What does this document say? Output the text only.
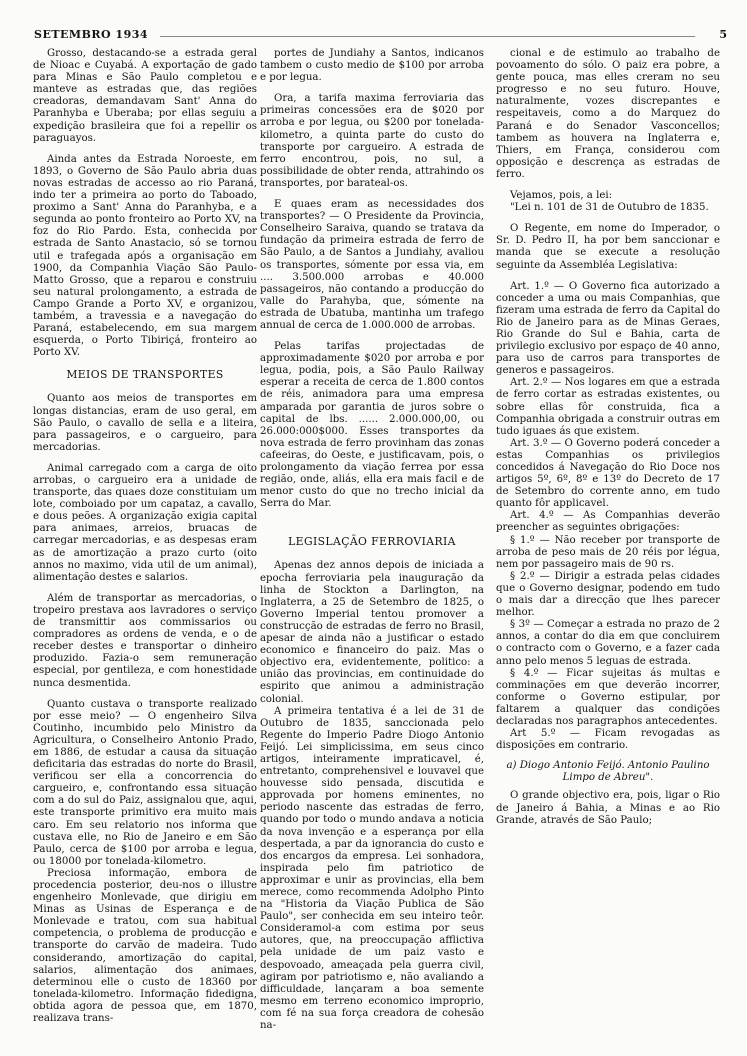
SETEMBRO 1934	5

Grosso, destacando-se a estrada geral de Nioac e Cuyabá. A exportação de gado para Minas e São Paulo completou e manteve as estradas que, das regiões creadoras, demandavam Sant' Anna do Paranhyba e Uberaba; por ellas seguiu a expedição brasileira que foi a repellir os paraguayos.

Ainda antes da Estrada Noroeste, em 1893, o Governo de São Paulo abria duas novas estradas de accesso ao rio Paraná, indo ter a primeira ao porto do Taboado, proximo a Sant' Anna do Paranhyba, e a segunda ao ponto fronteiro ao Porto XV, na foz do Rio Pardo. Esta, conhecida por estrada de Santo Anastacio, só se tornou util e trafegada após a organisação em 1900, da Companhia Viação São Paulo-Matto Grosso, que a reparou e construiu seu natural prolongamento, a estrada de Campo Grande a Porto XV, e organizou, também, a travessia e a navegação do Paraná, estabelecendo, em sua margem esquerda, o Porto Tibiriçá, fronteiro ao Porto XV.

MEIOS DE TRANSPORTES

Quanto aos meios de transportes em longas distancias, eram de uso geral, em São Paulo, o cavallo de sella e a liteira, para passageiros, e o cargueiro, para mercadorias.

Animal carregado com a carga de oito arrobas, o cargueiro era a unidade de transporte, das quaes doze constituiam um lote, comboiado por um capataz, a cavallo, e dous peões. A organização exigia capital para animaes, arreios, bruacas de carregar mercadorias, e as despesas eram as de amortização a prazo curto (oito annos no maximo, vida util de um animal), alimentação destes e salarios.

Além de transportar as mercadorias, o tropeiro prestava aos lavradores o serviço de transmittir aos commissarios ou compradores as ordens de venda, e o de receber destes e transportar o dinheiro produzido. Fazia-o sem remuneração especial, por gentileza, e com honestidade nunca desmentida.

Quanto custava o transporte realizado por esse meio? — O engenheiro Silva Coutinho, incumbido pelo Ministro da Agricultura, o Conselheiro Antonio Prado, em 1886, de estudar a causa da situação deficitaria das estradas do norte do Brasil, verificou ser ella a concorrencia do cargueiro, e, confrontando essa situação com a do sul do Paiz, assignalou que, aqui, este transporte primitivo era muito mais caro. Em seu relatorio nos informa que custava elle, no Rio de Janeiro e em São Paulo, cerca de $100 por arroba e legua, ou 18000 por tonelada-kilometro.

Preciosa informação, embora de procedencia posterior, deu-nos o illustre engenheiro Monlevade, que dirigiu em Minas as Usinas de Esperança e de Monlevade e tratou, com sua habitual competencia, o problema de producção e transporte do carvão de madeira. Tudo considerando, amortização do capital, salarios, alimentação dos animaes, determinou elle o custo de 18360 por tonelada-kilometro. Informação fidedigna, obtida agora de pessoa que, em 1870, realizava trans-

portes de Jundiahy a Santos, indicanos tambem o custo medio de $100 por arroba e por legua.

Ora, a tarifa maxima ferroviaria das primeiras concessões era de $020 por arroba e por legua, ou $200 por tonelada-kilometro, a quinta parte do custo do transporte por cargueiro. A estrada de ferro encontrou, pois, no sul, a possibilidade de obter renda, attrahindo os transportes, por barateal-os.

E quaes eram as necessidades dos transportes? — O Presidente da Provincia, Conselheiro Saraiva, quando se tratava da fundação da primeira estrada de ferro de São Paulo, a de Santos a Jundiahy, avaliou os transportes, sómente por essa via, em .... 3.500.000 arrobas e 40.000 passageiros, não contando a producção do valle do Parahyba, que, sómente na estrada de Ubatuba, mantinha um trafego annual de cerca de 1.000.000 de arrobas.

Pelas tarifas projectadas de approximadamente $020 por arroba e por legua, podia, pois, a São Paulo Railway esperar a receita de cerca de 1.800 contos de réis, animadora para uma empresa amparada por garantia de juros sobre o capital de lbs. ...... 2.000.000,00, ou 26.000:000$000. Esses transportes da nova estrada de ferro provinham das zonas cafeeiras, do Oeste, e justificavam, pois, o prolongamento da viação ferrea por essa região, onde, aliás, ella era mais facil e de menor custo do que no trecho inicial da Serra do Mar.

LEGISLAÇÃO FERROVIARIA

Apenas dez annos depois de iniciada a epocha ferroviaria pela inauguração da linha de Stockton a Darlington, na Inglaterra, a 25 de Setembro de 1825, o Governo Imperial tentou promover a construcção de estradas de ferro no Brasil, apesar de ainda não a justificar o estado economico e financeiro do paiz. Mas o objectivo era, evidentemente, politico: a união das provincias, em continuidade do espirito que animou a administração colonial.

A primeira tentativa é a lei de 31 de Outubro de 1835, sanccionada pelo Regente do Imperio Padre Diogo Antonio Feijó. Lei simplicissima, em seus cinco artigos, inteiramente impraticavel, é, entretanto, comprehensivel e louvavel que houvesse sido pensada, discutida e approvada por homens eminentes, no periodo nascente das estradas de ferro, quando por todo o mundo andava a noticia da nova invenção e a esperança por ella despertada, a par da ignorancia do custo e dos encargos da empresa. Lei sonhadora, inspirada pelo fim patriotico de approximar e unir as provincias, ella bem merece, como recommenda Adolpho Pinto na "Historia da Viação Publica de São Paulo", ser conhecida em seu inteiro teôr. Consideramol-a com estima por seus autores, que, na preoccupação afflictiva pela unidade de um paiz vasto e despovoado, ameaçada pela guerra civil, agiram por patriotismo e, não avaliando a difficuldade, lançaram a boa semente mesmo em terreno economico improprio, com fé na sua força creadora de cohesão na-

cional e de estimulo ao trabalho de povoamento do sólo. O paiz era pobre, a gente pouca, mas elles creram no seu progresso e no seu futuro. Houve, naturalmente, vozes discrepantes e respeitaveis, como a do Marquez do Paraná e do Senador Vasconcellos; tambem as houvera na Inglaterra e, Thiers, em França, considerou com opposição e descrença as estradas de ferro.

Vejamos, pois, a lei:

"Lei n. 101 de 31 de Outubro de 1835.

O Regente, em nome do Imperador, o Sr. D. Pedro II, ha por bem sanccionar e manda que se execute a resolução seguinte da Assembléa Legislativa:

Art. 1.º — O Governo fica autorizado a conceder a uma ou mais Companhias, que fizeram uma estrada de ferro da Capital do Rio de Janeiro para as de Minas Geraes, Rio Grande do Sul e Bahia, carta de privilegio exclusivo por espaço de 40 anno, para uso de carros para transportes de generos e passageiros.

Art. 2.º — Nos logares em que a estrada de ferro cortar as estradas existentes, ou sobre ellas fôr construida, fica a Companhia obrigada a construir outras em tudo iguaes ás que existem.

Art. 3.º — O Governo poderá conceder a estas Companhias os privilegios concedidos á Navegação do Rio Doce nos artigos 5º, 6º, 8º e 13º do Decreto de 17 de Setembro do corrente anno, em tudo quanto fôr applicavel.

Art. 4.º — As Companhias deverão preencher as seguintes obrigações:

§ 1.º — Não receber por transporte de arroba de peso mais de 20 réis por légua, nem por passageiro mais de 90 rs.

§ 2.º — Dirigir a estrada pelas cidades que o Governo designar, podendo em tudo o mais dar a direcção que lhes parecer melhor.

§ 3º — Começar a estrada no prazo de 2 annos, a contar do dia em que concluirem o contracto com o Governo, e a fazer cada anno pelo menos 5 leguas de estrada.

§ 4.º — Ficar sujeitas ás multas e comminações em que deverão incorrer, conforme o Governo estipular, por faltarem a qualquer das condições declaradas nos paragraphos antecedentes.

Art 5.º — Ficam revogadas as disposições em contrario.

a) Diogo Antonio Feijó. Antonio Paulino Limpo de Abreu".

O grande objectivo era, pois, ligar o Rio de Janeiro á Bahia, a Minas e ao Rio Grande, através de São Paulo;
